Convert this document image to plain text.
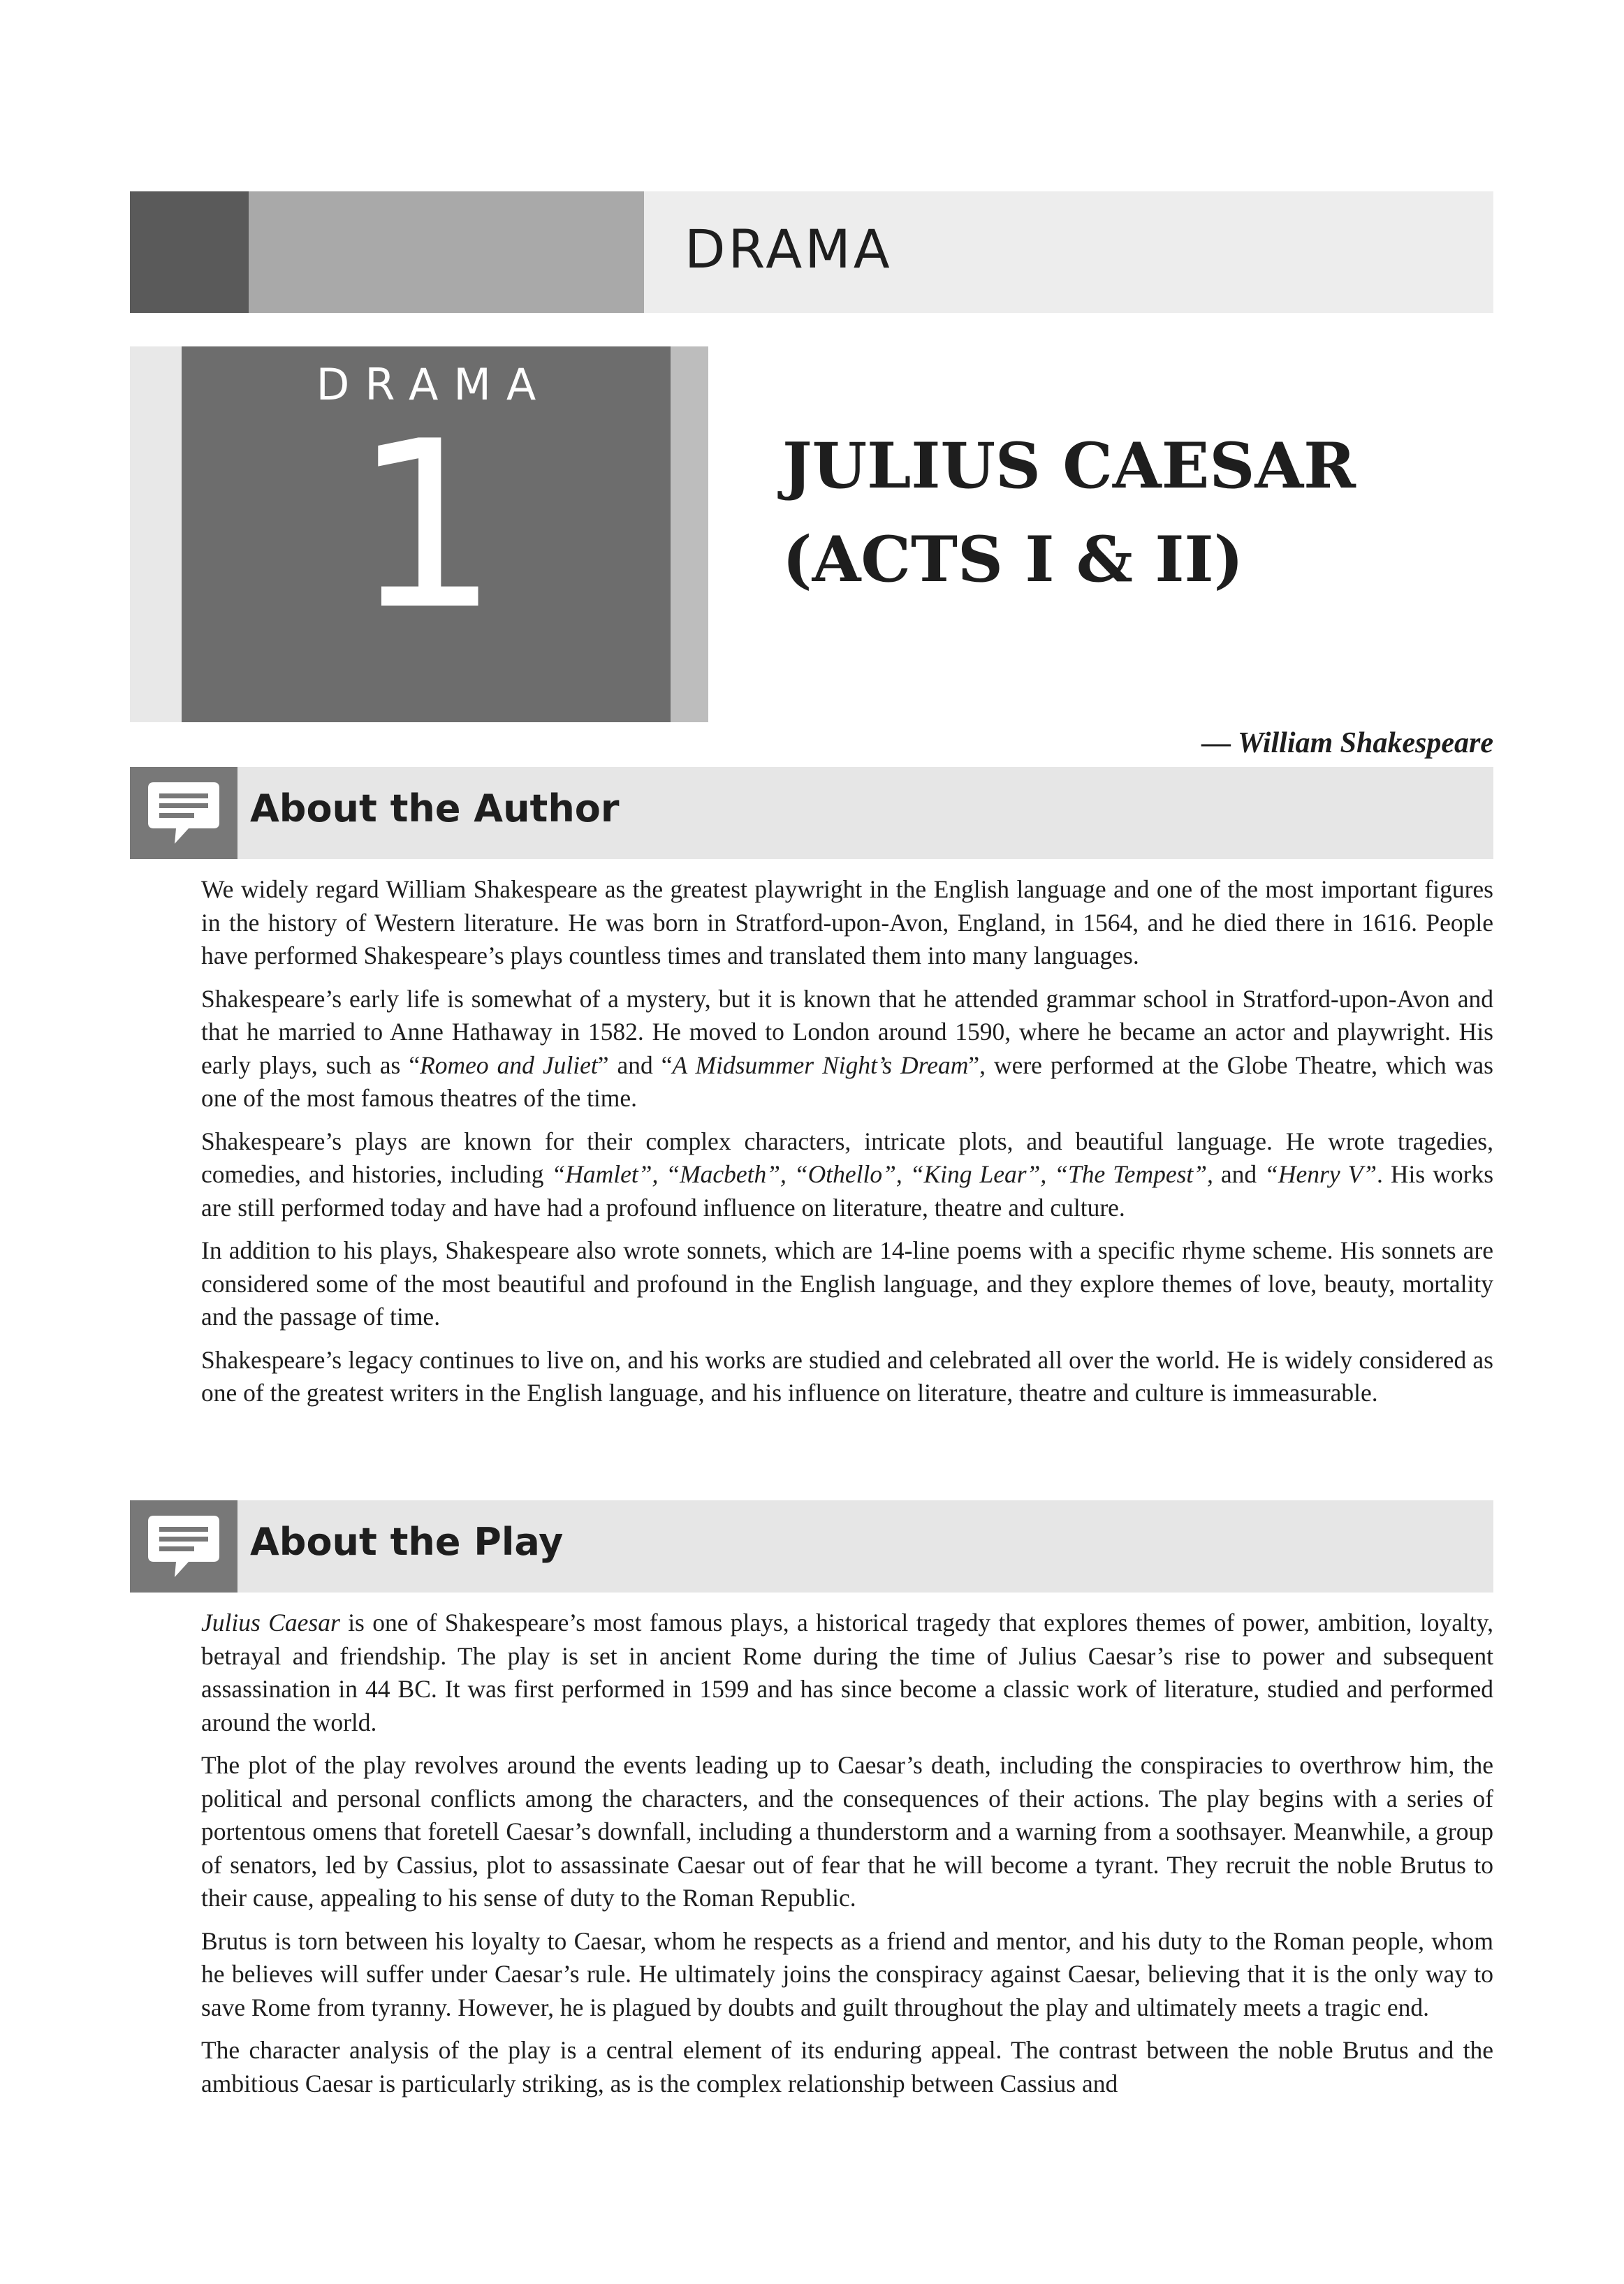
DRAMA
DRAMA
1	JULIUS CAESAR
(ACTS I & II)
— William Shakespeare
About the Author

We widely regard William Shakespeare as the greatest playwright in the English language and one of the most important figures in the history of Western literature. He was born in Stratford-upon-Avon, England, in 1564, and he died there in 1616. People have performed Shakespeare’s plays countless times and translated them into many languages.

Shakespeare’s early life is somewhat of a mystery, but it is known that he attended grammar school in Stratford-upon-Avon and that he married to Anne Hathaway in 1582. He moved to London around 1590, where he became an actor and playwright. His early plays, such as “Romeo and Juliet” and “A Midsummer Night’s Dream”, were performed at the Globe Theatre, which was one of the most famous theatres of the time.

Shakespeare’s plays are known for their complex characters, intricate plots, and beautiful language. He wrote tragedies, comedies, and histories, including “Hamlet”, “Macbeth”, “Othello”, “King Lear”, “The Tempest”, and “Henry V”. His works are still performed today and have had a profound influence on literature, theatre and culture.

In addition to his plays, Shakespeare also wrote sonnets, which are 14-line poems with a specific rhyme scheme. His sonnets are considered some of the most beautiful and profound in the English language, and they explore themes of love, beauty, mortality and the passage of time.

Shakespeare’s legacy continues to live on, and his works are studied and celebrated all over the world. He is widely considered as one of the greatest writers in the English language, and his influence on literature, theatre and culture is immeasurable.

About the Play

Julius Caesar is one of Shakespeare’s most famous plays, a historical tragedy that explores themes of power, ambition, loyalty, betrayal and friendship. The play is set in ancient Rome during the time of Julius Caesar’s rise to power and subsequent assassination in 44 BC. It was first performed in 1599 and has since become a classic work of literature, studied and performed around the world.

The plot of the play revolves around the events leading up to Caesar’s death, including the conspiracies to overthrow him, the political and personal conflicts among the characters, and the consequences of their actions. The play begins with a series of portentous omens that foretell Caesar’s downfall, including a thunderstorm and a warning from a soothsayer. Meanwhile, a group of senators, led by Cassius, plot to assassinate Caesar out of fear that he will become a tyrant. They recruit the noble Brutus to their cause, appealing to his sense of duty to the Roman Republic.

Brutus is torn between his loyalty to Caesar, whom he respects as a friend and mentor, and his duty to the Roman people, whom he believes will suffer under Caesar’s rule. He ultimately joins the conspiracy against Caesar, believing that it is the only way to save Rome from tyranny. However, he is plagued by doubts and guilt throughout the play and ultimately meets a tragic end.

The character analysis of the play is a central element of its enduring appeal. The contrast between the noble Brutus and the ambitious Caesar is particularly striking, as is the complex relationship between Cassius and
